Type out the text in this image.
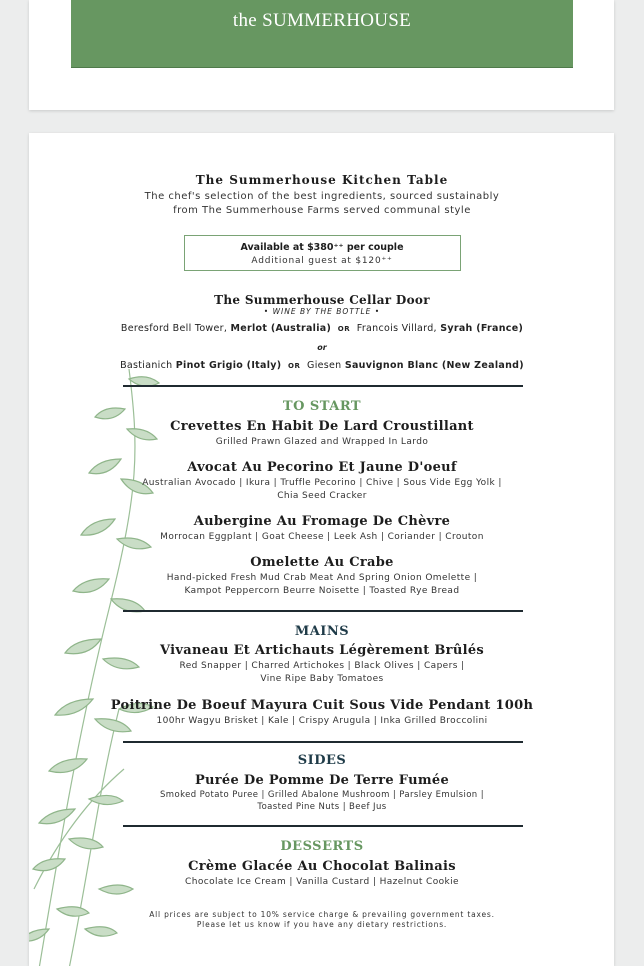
the SUMMERHOUSE
The Summerhouse Kitchen Table
The chef's selection of the best ingredients, sourced sustainably
from The Summerhouse Farms served communal style
Available at $380⁺⁺ per couple
Additional guest at $120⁺⁺
The Summerhouse Cellar Door
• WINE BY THE BOTTLE •
Beresford Bell Tower, Merlot (Australia) OR Francois Villard, Syrah (France)
or
Bastianich Pinot Grigio (Italy) OR Giesen Sauvignon Blanc (New Zealand)
TO START
Crevettes En Habit De Lard Croustillant
Grilled Prawn Glazed and Wrapped In Lardo
Avocat Au Pecorino Et Jaune D'oeuf
Australian Avocado | Ikura | Truffle Pecorino | Chive | Sous Vide Egg Yolk |
Chia Seed Cracker
Aubergine Au Fromage De Chèvre
Morrocan Eggplant | Goat Cheese | Leek Ash | Coriander | Crouton
Omelette Au Crabe
Hand-picked Fresh Mud Crab Meat And Spring Onion Omelette |
Kampot Peppercorn Beurre Noisette | Toasted Rye Bread
MAINS
Vivaneau Et Artichauts Légèrement Brûlés
Red Snapper | Charred Artichokes | Black Olives | Capers |
Vine Ripe Baby Tomatoes
Poitrine De Boeuf Mayura Cuit Sous Vide Pendant 100h
100hr Wagyu Brisket | Kale | Crispy Arugula | Inka Grilled Broccolini
SIDES
Purée De Pomme De Terre Fumée
Smoked Potato Puree | Grilled Abalone Mushroom | Parsley Emulsion |
Toasted Pine Nuts | Beef Jus
DESSERTS
Crème Glacée Au Chocolat Balinais
Chocolate Ice Cream | Vanilla Custard | Hazelnut Cookie
All prices are subject to 10% service charge & prevailing government taxes.
Please let us know if you have any dietary restrictions.
